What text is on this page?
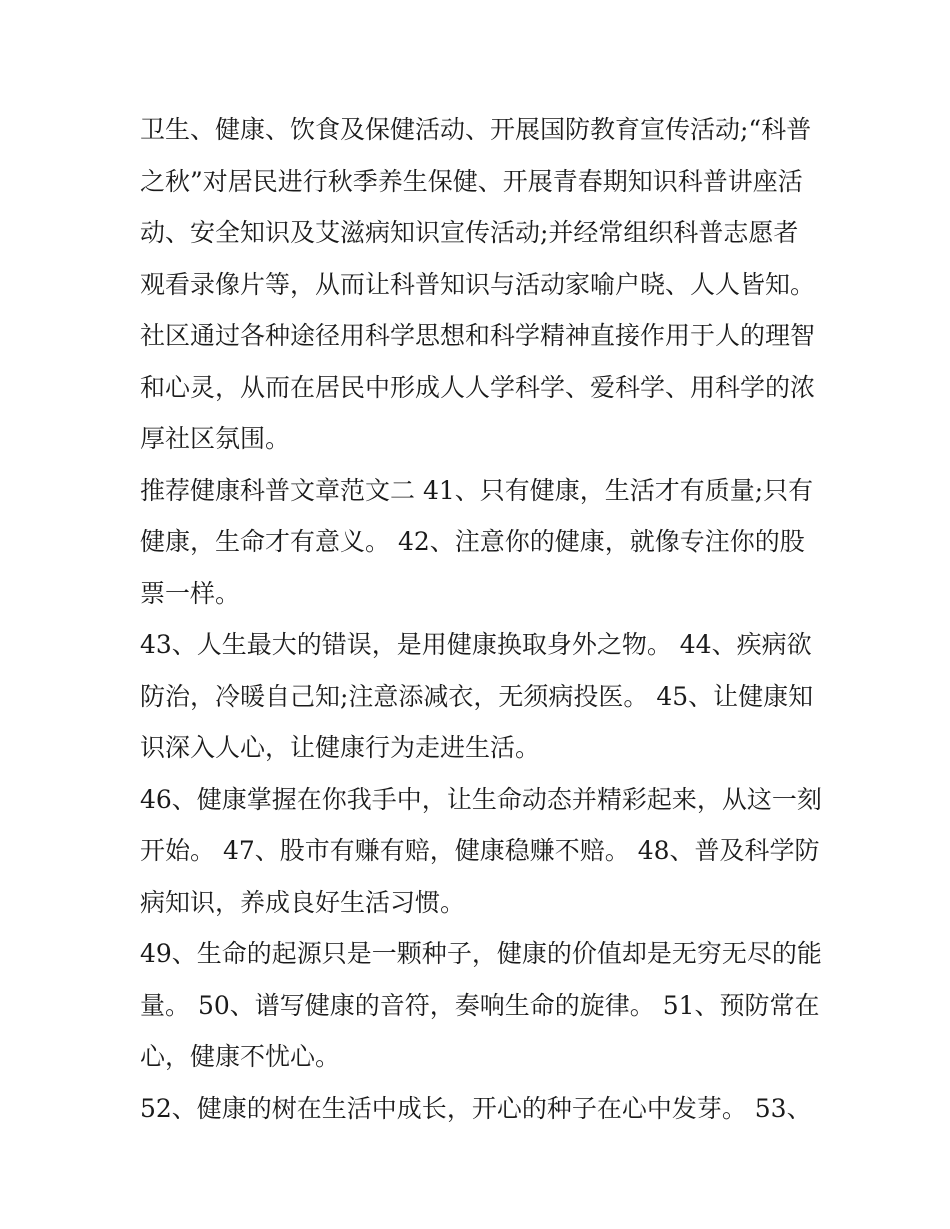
卫生、健康、饮食及保健活动、开展国防教育宣传活动;“科普
之秋”对居民进行秋季养生保健、开展青春期知识科普讲座活
动、安全知识及艾滋病知识宣传活动;并经常组织科普志愿者
观看录像片等，从而让科普知识与活动家喻户晓、人人皆知。
社区通过各种途径用科学思想和科学精神直接作用于人的理智
和心灵，从而在居民中形成人人学科学、爱科学、用科学的浓
厚社区氛围。
推荐健康科普文章范文二 41、只有健康，生活才有质量;只有
健康，生命才有意义。 42、注意你的健康，就像专注你的股
票一样。
43、人生最大的错误，是用健康换取身外之物。 44、疾病欲
防治，冷暖自己知;注意添减衣，无须病投医。 45、让健康知
识深入人心，让健康行为走进生活。
46、健康掌握在你我手中，让生命动态并精彩起来，从这一刻
开始。 47、股市有赚有赔，健康稳赚不赔。 48、普及科学防
病知识，养成良好生活习惯。
49、生命的起源只是一颗种子，健康的价值却是无穷无尽的能
量。 50、谱写健康的音符，奏响生命的旋律。 51、预防常在
心，健康不忧心。
52、健康的树在生活中成长，开心的种子在心中发芽。 53、
